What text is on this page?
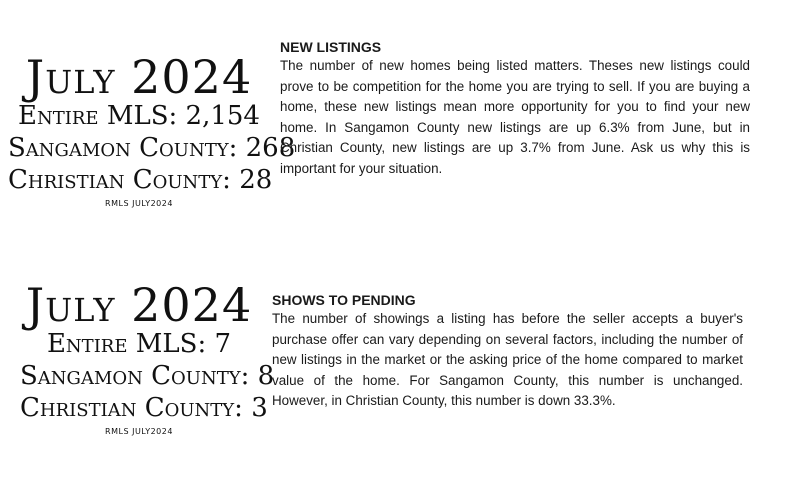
July 2024
Entire MLS: 2,154
Sangamon County: 268
Christian County: 28
RMLS JULY2024

NEW LISTINGS

The number of new homes being listed matters. Theses new listings could prove to be competition for the home you are trying to sell. If you are buying a home, these new listings mean more opportunity for you to find your new home. In Sangamon County new listings are up 6.3% from June, but in Christian County, new listings are up 3.7% from June. Ask us why this is important for your situation.

July 2024
Entire MLS: 7
Sangamon County: 8
Christian County: 3
RMLS JULY2024

SHOWS TO PENDING

The number of showings a listing has before the seller accepts a buyer's purchase offer can vary depending on several factors, including the number of new listings in the market or the asking price of the home compared to market value of the home. For Sangamon County, this number is unchanged. However, in Christian County, this number is down 33.3%.
